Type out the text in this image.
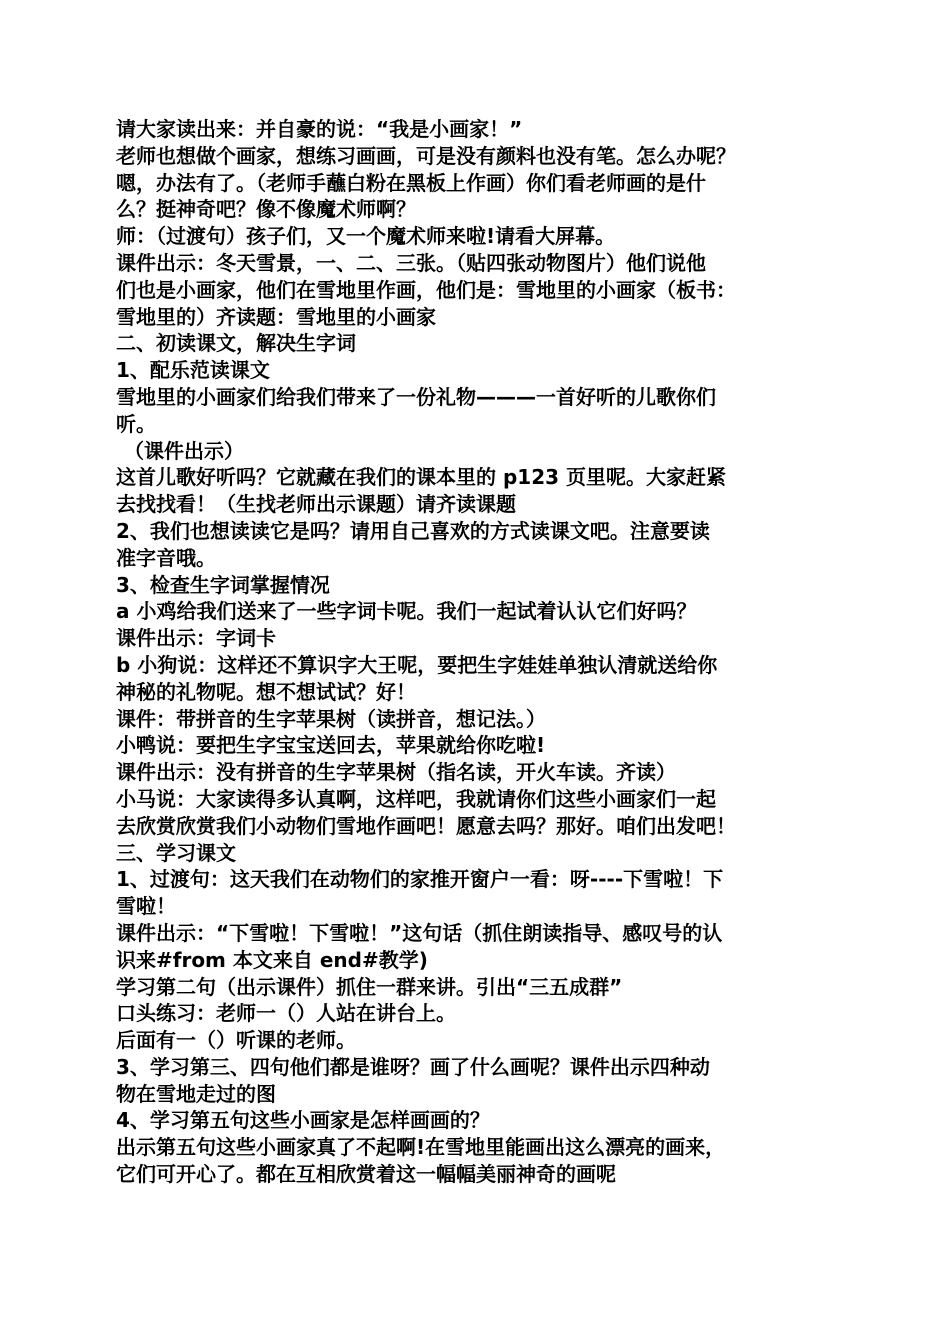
请大家读出来：并自豪的说：“我是小画家！”
老师也想做个画家，想练习画画，可是没有颜料也没有笔。怎么办呢？
嗯，办法有了。（老师手蘸白粉在黑板上作画）你们看老师画的是什
么？挺神奇吧？像不像魔术师啊？
师：（过渡句）孩子们，又一个魔术师来啦!请看大屏幕。
课件出示：冬天雪景，一、二、三张。（贴四张动物图片）他们说他
们也是小画家，他们在雪地里作画，他们是：雪地里的小画家（板书：
雪地里的）齐读题：雪地里的小画家
二、初读课文，解决生字词
1、配乐范读课文
雪地里的小画家们给我们带来了一份礼物———一首好听的儿歌你们
听。
（课件出示）
这首儿歌好听吗？它就藏在我们的课本里的 p123 页里呢。大家赶紧
去找找看！（生找老师出示课题）请齐读课题
2、我们也想读读它是吗？请用自己喜欢的方式读课文吧。注意要读
准字音哦。
3、检查生字词掌握情况
a 小鸡给我们送来了一些字词卡呢。我们一起试着认认它们好吗？
课件出示：字词卡
b 小狗说：这样还不算识字大王呢，要把生字娃娃单独认清就送给你
神秘的礼物呢。想不想试试？好！
课件：带拼音的生字苹果树（读拼音，想记法。）
小鸭说：要把生字宝宝送回去，苹果就给你吃啦!
课件出示：没有拼音的生字苹果树（指名读，开火车读。齐读）
小马说：大家读得多认真啊，这样吧，我就请你们这些小画家们一起
去欣赏欣赏我们小动物们雪地作画吧！愿意去吗？那好。咱们出发吧！
三、学习课文
1、过渡句：这天我们在动物们的家推开窗户一看：呀----下雪啦！下
雪啦！
课件出示：“下雪啦！下雪啦！”这句话（抓住朗读指导、感叹号的认
识来#from 本文来自 end#教学)
学习第二句（出示课件）抓住一群来讲。引出“三五成群”
口头练习：老师一（）人站在讲台上。
后面有一（）听课的老师。
3、学习第三、四句他们都是谁呀？画了什么画呢？课件出示四种动
物在雪地走过的图
4、学习第五句这些小画家是怎样画画的？
出示第五句这些小画家真了不起啊!在雪地里能画出这么漂亮的画来，
它们可开心了。都在互相欣赏着这一幅幅美丽神奇的画呢
